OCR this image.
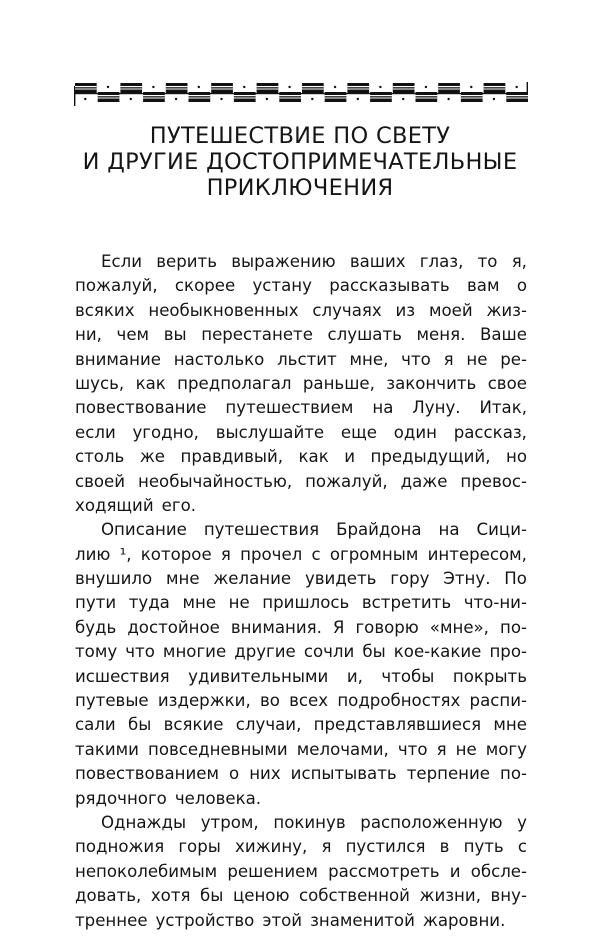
ПУТЕШЕСТВИЕ ПО СВЕТУ
И ДРУГИЕ ДОСТОПРИМЕЧАТЕЛЬНЫЕ
ПРИКЛЮЧЕНИЯ
Если верить выражению ваших глаз, то я,
пожалуй, скорее устану рассказывать вам о
всяких необыкновенных случаях из моей жиз-
ни, чем вы перестанете слушать меня. Ваше
внимание настолько льстит мне, что я не ре-
шусь, как предполагал раньше, закончить свое
повествование путешествием на Луну. Итак,
если угодно, выслушайте еще один рассказ,
столь же правдивый, как и предыдущий, но
своей необычайностью, пожалуй, даже превос-
ходящий его.
Описание путешествия Брайдона на Сици-
лию ¹, которое я прочел с огромным интересом,
внушило мне желание увидеть гору Этну. По
пути туда мне не пришлось встретить что-ни-
будь достойное внимания. Я говорю «мне», по-
тому что многие другие сочли бы кое-какие про-
исшествия удивительными и, чтобы покрыть
путевые издержки, во всех подробностях распи-
сали бы всякие случаи, представлявшиеся мне
такими повседневными мелочами, что я не могу
повествованием о них испытывать терпение по-
рядочного человека.
Однажды утром, покинув расположенную у
подножия горы хижину, я пустился в путь с
непоколебимым решением рассмотреть и обсле-
довать, хотя бы ценою собственной жизни, вну-
треннее устройство этой знаменитой жаровни.
